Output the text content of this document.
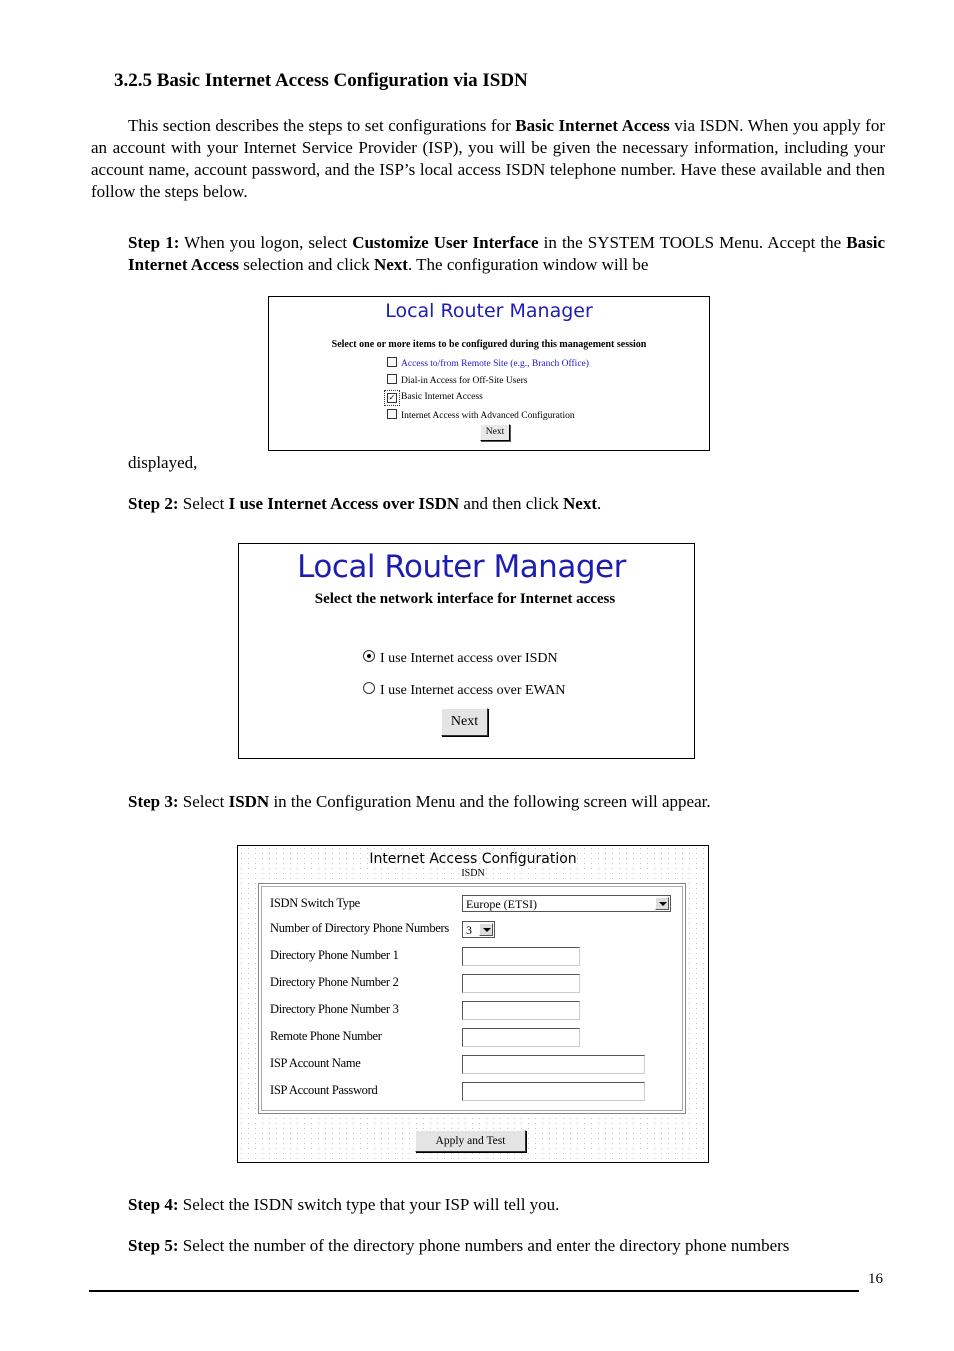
3.2.5 Basic Internet Access Configuration via ISDN
This section describes the steps to set configurations for Basic Internet Access via ISDN. When you apply for an account with your Internet Service Provider (ISP), you will be given the necessary information, including your account name, account password, and the ISP’s local access ISDN telephone number. Have these available and then follow the steps below.
Step 1: When you logon, select Customize User Interface in the SYSTEM TOOLS Menu. Accept the Basic Internet Access selection and click Next. The configuration window will be
Local Router Manager
Select one or more items to be configured during this management session
Access to/from Remote Site (e.g., Branch Office)
Dial-in Access for Off-Site Users
✓ Basic Internet Access
Internet Access with Advanced Configuration
Next
displayed,
Step 2: Select I use Internet Access over ISDN and then click Next.
Local Router Manager
Select the network interface for Internet access
I use Internet access over ISDN
I use Internet access over EWAN
Next
Step 3: Select ISDN in the Configuration Menu and the following screen will appear.
Internet Access Configuration
ISDN
ISDN Switch Type	Europe (ETSI)
Number of Directory Phone Numbers	3
Directory Phone Number 1
Directory Phone Number 2
Directory Phone Number 3
Remote Phone Number
ISP Account Name
ISP Account Password
Apply and Test
Step 4: Select the ISDN switch type that your ISP will tell you.
Step 5: Select the number of the directory phone numbers and enter the directory phone numbers
16
